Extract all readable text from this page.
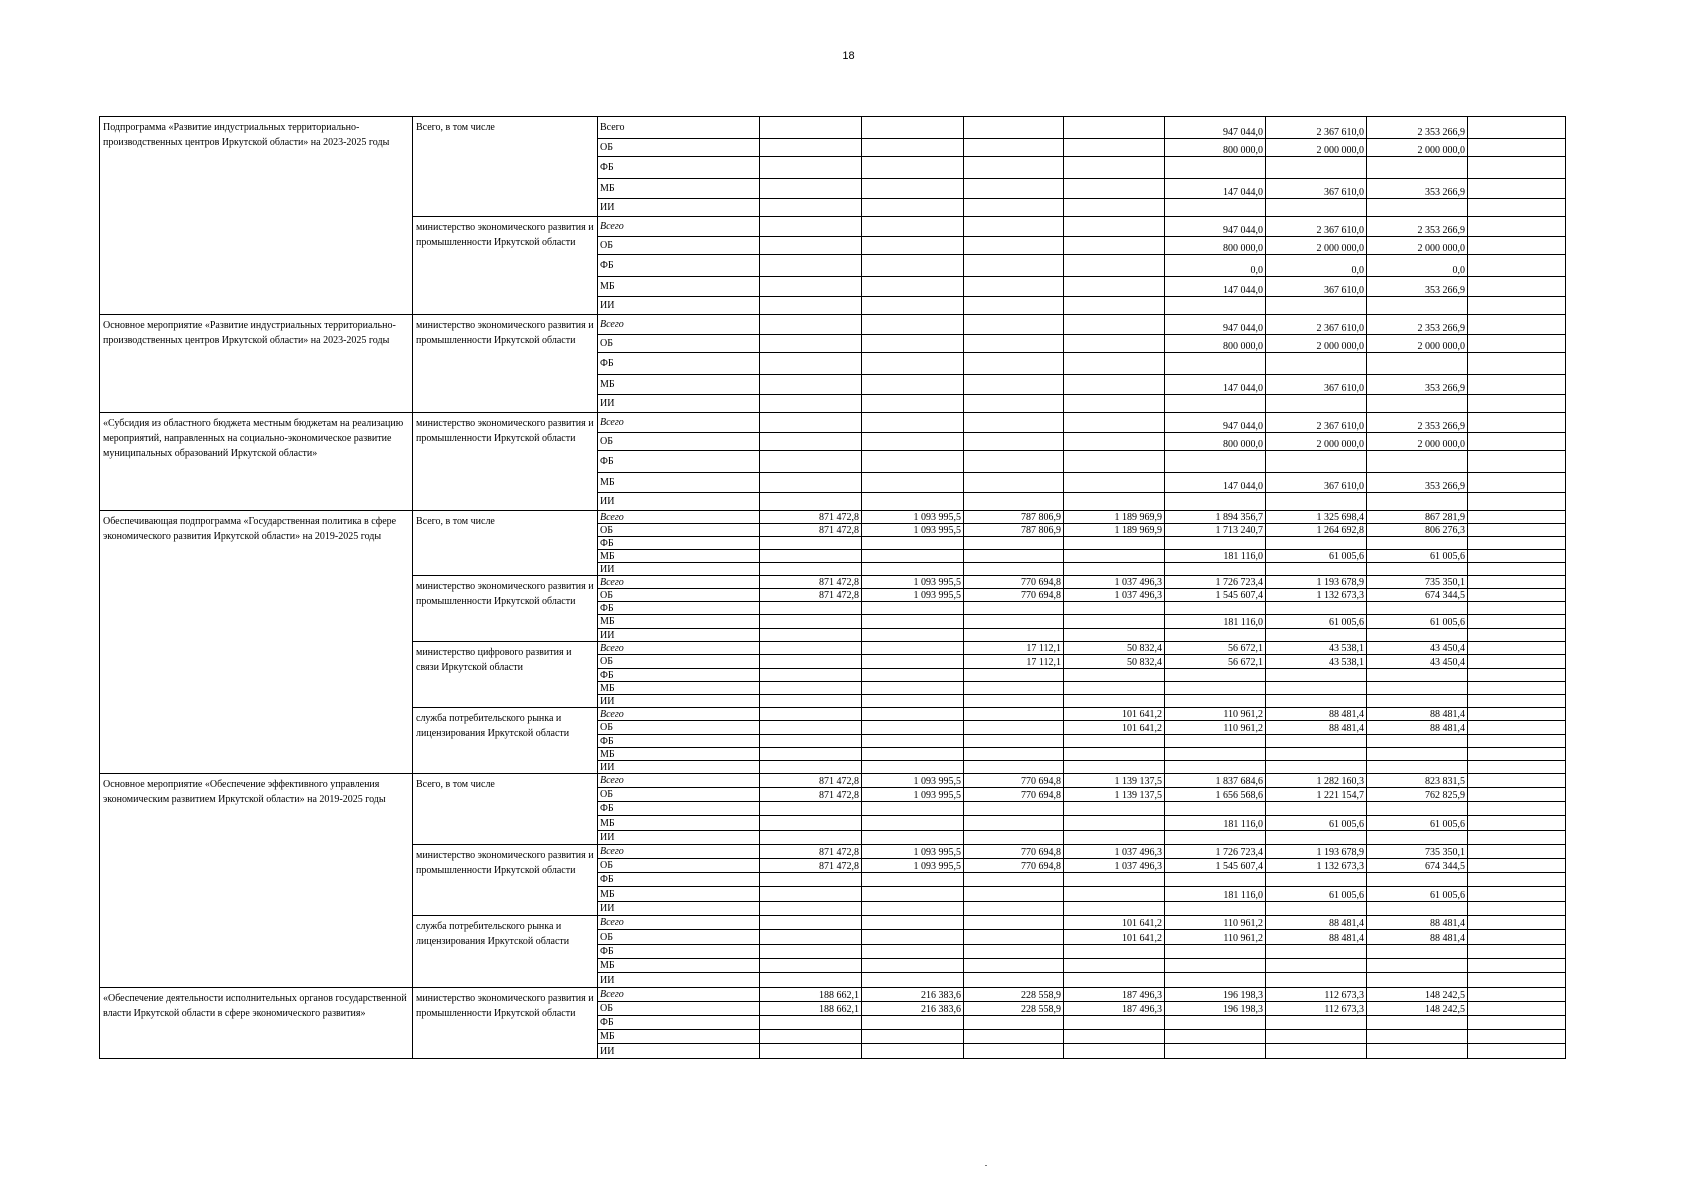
18
Подпрограмма «Развитие индустриальных территориально-производственных центров Иркутской области» на 2023-2025 годы	Всего, в том числе	Всего					947 044,0	2 367 610,0	2 353 266,9	
		ОБ					800 000,0	2 000 000,0	2 000 000,0	
		ФБ								
		МБ					147 044,0	367 610,0	353 266,9	
		ИИ								
	министерство экономического развития и промышленности Иркутской области	Всего					947 044,0	2 367 610,0	2 353 266,9	
		ОБ					800 000,0	2 000 000,0	2 000 000,0	
		ФБ					0,0	0,0	0,0	
		МБ					147 044,0	367 610,0	353 266,9	
		ИИ								
Основное мероприятие «Развитие индустриальных территориально-производственных центров Иркутской области» на 2023-2025 годы	министерство экономического развития и промышленности Иркутской области	Всего					947 044,0	2 367 610,0	2 353 266,9	
		ОБ					800 000,0	2 000 000,0	2 000 000,0	
		ФБ								
		МБ					147 044,0	367 610,0	353 266,9	
		ИИ								
«Субсидия из областного бюджета местным бюджетам на реализацию мероприятий, направленных на социально-экономическое развитие муниципальных образований Иркутской области»	министерство экономического развития и промышленности Иркутской области	Всего					947 044,0	2 367 610,0	2 353 266,9	
		ОБ					800 000,0	2 000 000,0	2 000 000,0	
		ФБ								
		МБ					147 044,0	367 610,0	353 266,9	
		ИИ								
Обеспечивающая подпрограмма «Государственная политика в сфере экономического развития Иркутской области» на 2019-2025 годы	Всего, в том числе	Всего	871 472,8	1 093 995,5	787 806,9	1 189 969,9	1 894 356,7	1 325 698,4	867 281,9	
		ОБ	871 472,8	1 093 995,5	787 806,9	1 189 969,9	1 713 240,7	1 264 692,8	806 276,3	
		ФБ								
		МБ					181 116,0	61 005,6	61 005,6	
		ИИ								
	министерство экономического развития и промышленности Иркутской области	Всего	871 472,8	1 093 995,5	770 694,8	1 037 496,3	1 726 723,4	1 193 678,9	735 350,1	
		ОБ	871 472,8	1 093 995,5	770 694,8	1 037 496,3	1 545 607,4	1 132 673,3	674 344,5	
		ФБ								
		МБ					181 116,0	61 005,6	61 005,6	
		ИИ								
	министерство цифрового развития и связи Иркутской области	Всего			17 112,1	50 832,4	56 672,1	43 538,1	43 450,4	
		ОБ			17 112,1	50 832,4	56 672,1	43 538,1	43 450,4	
		ФБ								
		МБ								
		ИИ								
	служба потребительского рынка и лицензирования Иркутской области	Всего				101 641,2	110 961,2	88 481,4	88 481,4	
		ОБ				101 641,2	110 961,2	88 481,4	88 481,4	
		ФБ								
		МБ								
		ИИ								
Основное мероприятие «Обеспечение эффективного управления экономическим развитием Иркутской области» на 2019-2025 годы	Всего, в том числе	Всего	871 472,8	1 093 995,5	770 694,8	1 139 137,5	1 837 684,6	1 282 160,3	823 831,5	
		ОБ	871 472,8	1 093 995,5	770 694,8	1 139 137,5	1 656 568,6	1 221 154,7	762 825,9	
		ФБ								
		МБ					181 116,0	61 005,6	61 005,6	
		ИИ								
	министерство экономического развития и промышленности Иркутской области	Всего	871 472,8	1 093 995,5	770 694,8	1 037 496,3	1 726 723,4	1 193 678,9	735 350,1	
		ОБ	871 472,8	1 093 995,5	770 694,8	1 037 496,3	1 545 607,4	1 132 673,3	674 344,5	
		ФБ								
		МБ					181 116,0	61 005,6	61 005,6	
		ИИ								
	служба потребительского рынка и лицензирования Иркутской области	Всего				101 641,2	110 961,2	88 481,4	88 481,4	
		ОБ				101 641,2	110 961,2	88 481,4	88 481,4	
		ФБ								
		МБ								
		ИИ								
«Обеспечение деятельности исполнительных органов государственной власти Иркутской области в сфере экономического развития»	министерство экономического развития и промышленности Иркутской области	Всего	188 662,1	216 383,6	228 558,9	187 496,3	196 198,3	112 673,3	148 242,5	
		ОБ	188 662,1	216 383,6	228 558,9	187 496,3	196 198,3	112 673,3	148 242,5	
		ФБ								
		МБ								
		ИИ								
